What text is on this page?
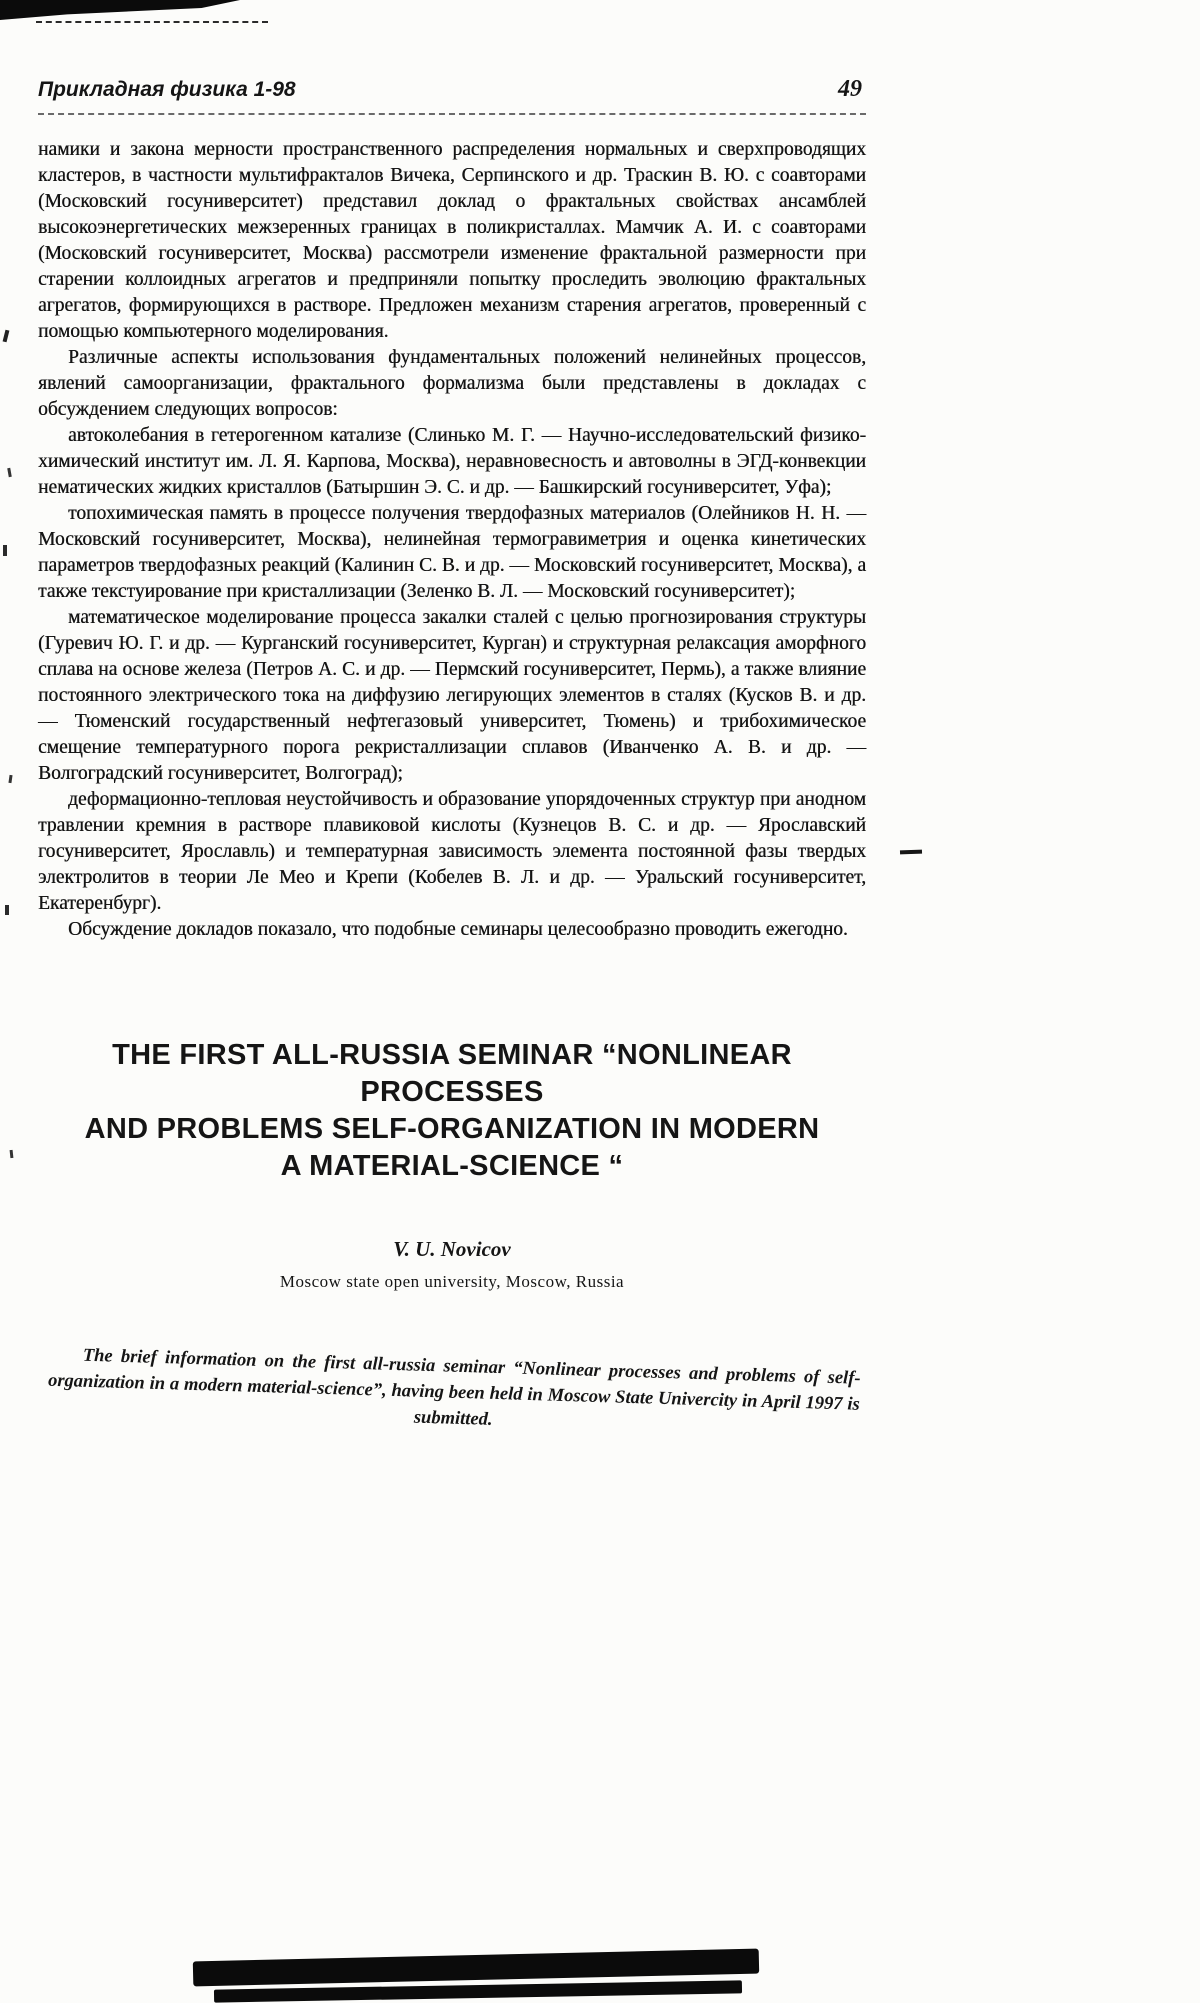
Прикладная физика 1-98	49

намики и закона мерности пространственного распределения нормальных и сверхпроводящих кластеров, в частности мультифракталов Вичека, Серпинского и др. Траскин В. Ю. с соавторами (Московский госуниверситет) представил доклад о фрактальных свойствах ансамблей высокоэнергетических межзеренных границах в поликристаллах. Мамчик А. И. с соавторами (Московский госуниверситет, Москва) рассмотрели изменение фрактальной размерности при старении коллоидных агрегатов и предприняли попытку проследить эволюцию фрактальных агрегатов, формирующихся в растворе. Предложен механизм старения агрегатов, проверенный с помощью компьютерного моделирования.

Различные аспекты использования фундаментальных положений нелинейных процессов, явлений самоорганизации, фрактального формализма были представлены в докладах с обсуждением следующих вопросов:

автоколебания в гетерогенном катализе (Слинько М. Г. — Научно-исследовательский физико-химический институт им. Л. Я. Карпова, Москва), неравновесность и автоволны в ЭГД-конвекции нематических жидких кристаллов (Батыршин Э. С. и др. — Башкирский госуниверситет, Уфа);

топохимическая память в процессе получения твердофазных материалов (Олейников Н. Н. — Московский госуниверситет, Москва), нелинейная термогравиметрия и оценка кинетических параметров твердофазных реакций (Калинин С. В. и др. — Московский госуниверситет, Москва), а также текстуирование при кристаллизации (Зеленко В. Л. — Московский госуниверситет);

математическое моделирование процесса закалки сталей с целью прогнозирования структуры (Гуревич Ю. Г. и др. — Курганский госуниверситет, Курган) и структурная релаксация аморфного сплава на основе железа (Петров А. С. и др. — Пермский госуниверситет, Пермь), а также влияние постоянного электрического тока на диффузию легирующих элементов в сталях (Кусков В. и др. — Тюменский государственный нефтегазовый университет, Тюмень) и трибохимическое смещение температурного порога рекристаллизации сплавов (Иванченко А. В. и др. — Волгоградский госуниверситет, Волгоград);

деформационно-тепловая неустойчивость и образование упорядоченных структур при анодном травлении кремния в растворе плавиковой кислоты (Кузнецов В. С. и др. — Ярославский госуниверситет, Ярославль) и температурная зависимость элемента постоянной фазы твердых электролитов в теории Ле Мео и Крепи (Кобелев В. Л. и др. — Уральский госуниверситет, Екатеренбург).

Обсуждение докладов показало, что подобные семинары целесообразно проводить ежегодно.

THE FIRST ALL-RUSSIA SEMINAR “NONLINEAR PROCESSES
AND PROBLEMS SELF-ORGANIZATION IN MODERN
A MATERIAL-SCIENCE “
V. U. Novicov
Moscow state open university, Moscow, Russia
The brief information on the first all-russia seminar “Nonlinear processes and problems of self-organization in a modern material-science”, having been held in Moscow State Univercity in April 1997 is submitted.
